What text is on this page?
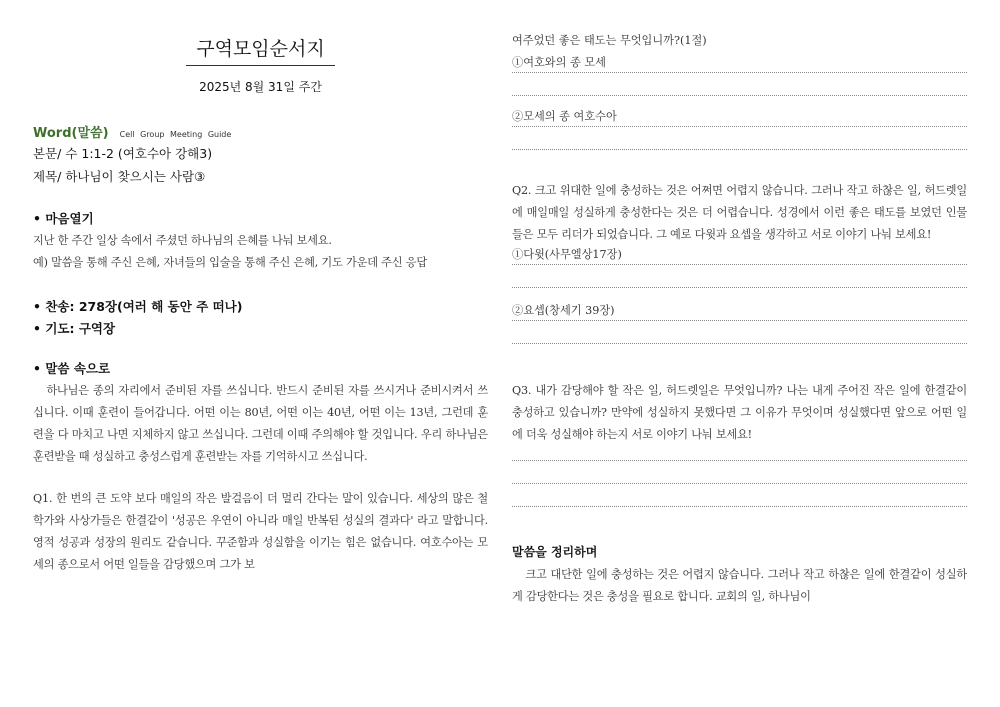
구역모임순서지
2025년 8월 31일 주간
Word(말씀) Cell Group Meeting Guide
본문/ 수 1:1-2 (여호수아 강해3)
제목/ 하나님이 찾으시는 사람③
• 마음열기
지난 한 주간 일상 속에서 주셨던 하나님의 은혜를 나눠 보세요.
예) 말씀을 통해 주신 은혜, 자녀들의 입술을 통해 주신 은혜, 기도 가운데 주신 응답
• 찬송: 278장(여러 해 동안 주 떠나)
• 기도: 구역장
• 말씀 속으로
하나님은 종의 자리에서 준비된 자를 쓰십니다. 반드시 준비된 자를 쓰시거나 준비시켜서 쓰십니다. 이때 훈련이 들어갑니다. 어떤 이는 80년, 어떤 이는 40년, 어떤 이는 13년, 그런데 훈련을 다 마치고 나면 지체하지 않고 쓰십니다. 그런데 이때 주의해야 할 것입니다. 우리 하나님은 훈련받을 때 성실하고 충성스럽게 훈련받는 자를 기억하시고 쓰십니다.
Q1. 한 번의 큰 도약 보다 매일의 작은 발걸음이 더 멀리 간다는 말이 있습니다. 세상의 많은 철학가와 사상가들은 한결같이 '성공은 우연이 아니라 매일 반복된 성실의 결과다' 라고 말합니다. 영적 성공과 성장의 원리도 같습니다. 꾸준함과 성실함을 이기는 힘은 없습니다. 여호수아는 모세의 종으로서 어떤 일들을 감당했으며 그가 보
여주었던 좋은 태도는 무엇입니까?(1절)
①여호와의 종 모세
②모세의 종 여호수아
Q2. 크고 위대한 일에 충성하는 것은 어쩌면 어렵지 않습니다. 그러나 작고 하찮은 일, 허드렛일에 매일매일 성실하게 충성한다는 것은 더 어렵습니다. 성경에서 이런 좋은 태도를 보였던 인물들은 모두 리더가 되었습니다. 그 예로 다윗과 요셉을 생각하고 서로 이야기 나눠 보세요!
①다윗(사무엘상17장)
②요셉(창세기 39장)
Q3. 내가 감당해야 할 작은 일, 허드렛일은 무엇입니까? 나는 내게 주어진 작은 일에 한결같이 충성하고 있습니까? 만약에 성실하지 못했다면 그 이유가 무엇이며 성실했다면 앞으로 어떤 일에 더욱 성실해야 하는지 서로 이야기 나눠 보세요!
말씀을 정리하며
크고 대단한 일에 충성하는 것은 어렵지 않습니다. 그러나 작고 하찮은 일에 한결같이 성실하게 감당한다는 것은 충성을 필요로 합니다. 교회의 일, 하나님이
